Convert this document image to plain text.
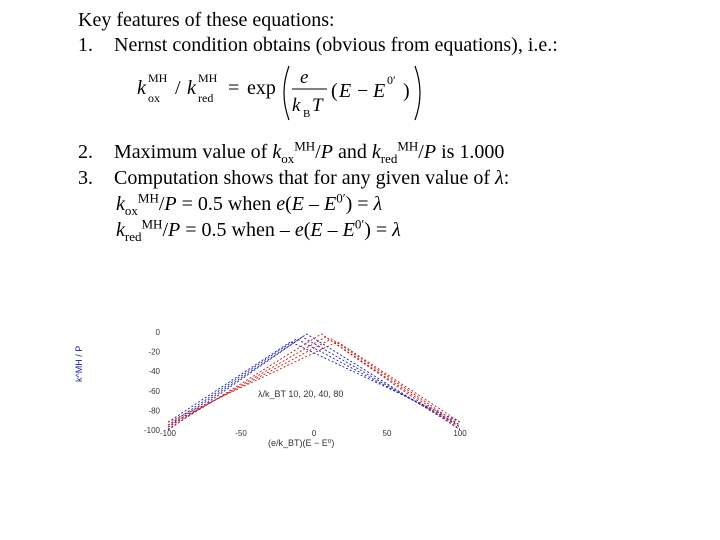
Key features of these equations:
1. Nernst condition obtains (obvious from equations), i.e.:
k MH
ox / k MH
red = exp e
k B T
( E − E 0′ )
2. Maximum value of $k_{ox}^{MH}/P$ and $k_{red}^{MH}/P$ is 1.000
3. Computation shows that for any given value of λ:
$k_{ox}^{MH}/P = 0.5$ when $e(E - E^{0'}) = \lambda$
$k_{red}^{MH}/P = 0.5$ when – $e(E - E^{0'}) = \lambda$
k^MH / P
0
-20
-40
-60
-80
-100 -100	-50	0	50	100
λ/k_BT 10, 20, 40, 80
(e/k_BT)(E − E⁰)
